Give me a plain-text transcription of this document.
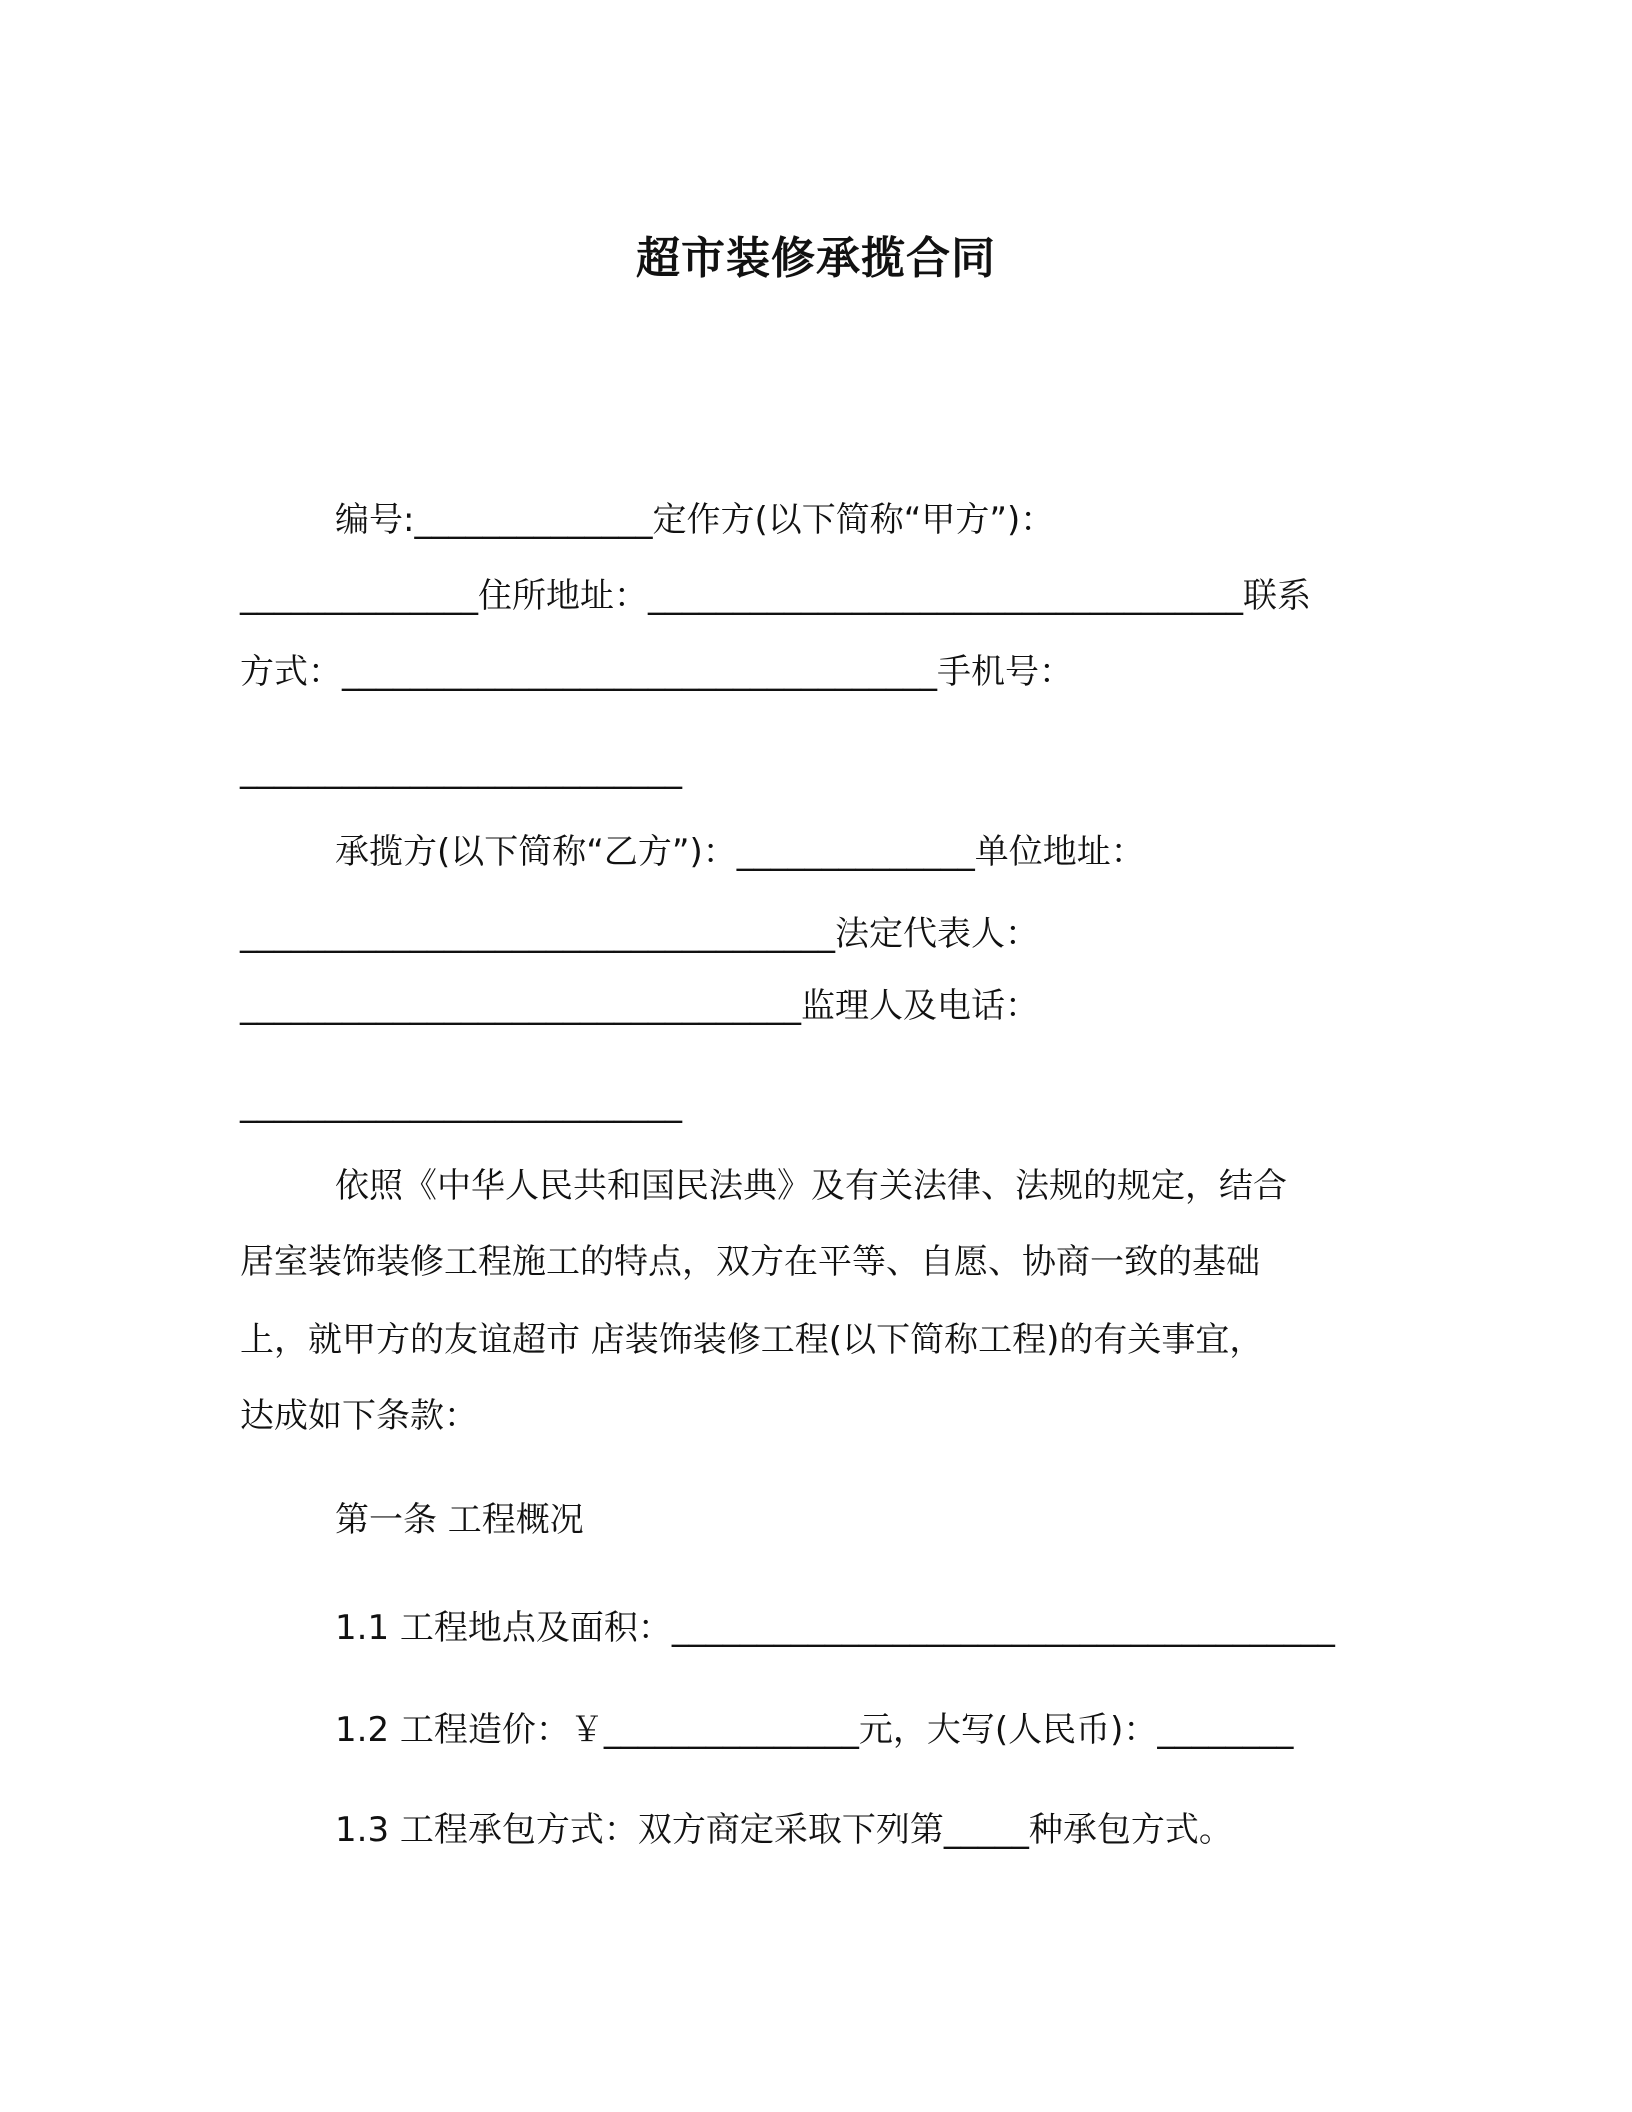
超市装修承揽合同
编号:______________定作方(以下简称“甲方”)：
______________住所地址：___________________________________联系
方式：___________________________________手机号：
__________________________
承揽方(以下简称“乙方”)：______________单位地址：
___________________________________法定代表人：
_________________________________监理人及电话：
__________________________
依照《中华人民共和国民法典》及有关法律、法规的规定，结合
居室装饰装修工程施工的特点，双方在平等、自愿、协商一致的基础
上，就甲方的友谊超市 店装饰装修工程(以下简称工程)的有关事宜，
达成如下条款：
第一条 工程概况
1.1 工程地点及面积：_______________________________________
1.2 工程造价：￥_______________元，大写(人民币)：________
1.3 工程承包方式：双方商定采取下列第_____种承包方式。
